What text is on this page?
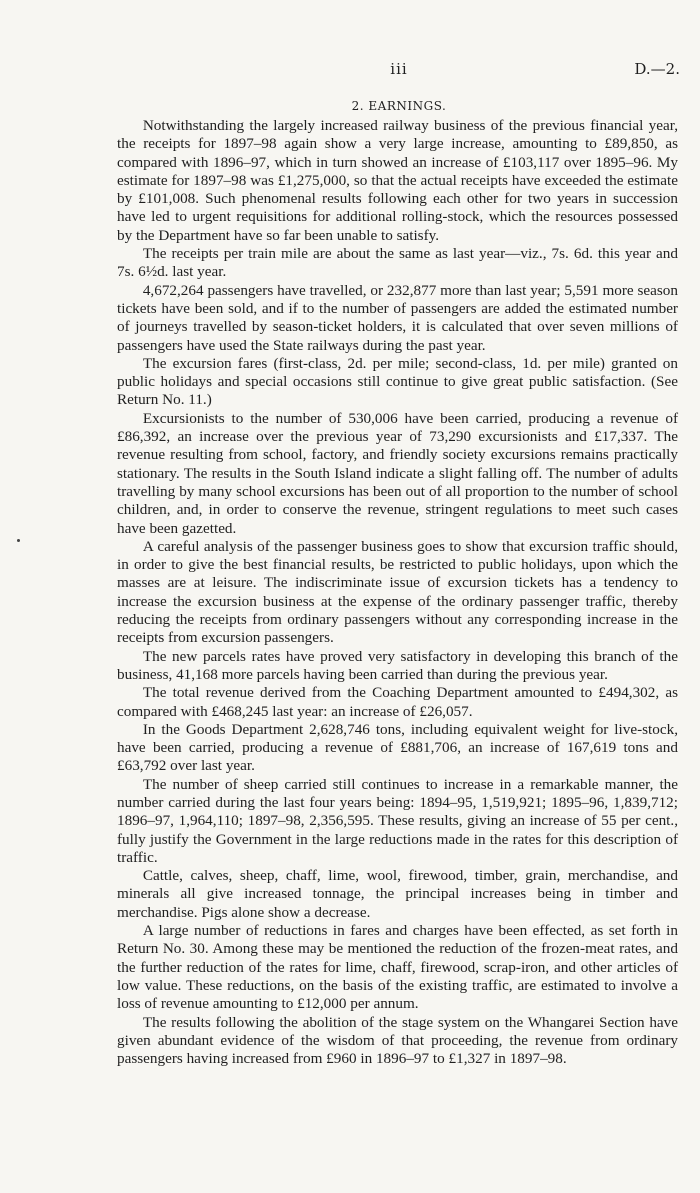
iii	D.—2.
2. EARNINGS.

Notwithstanding the largely increased railway business of the previous financial year, the receipts for 1897–98 again show a very large increase, amounting to £89,850, as compared with 1896–97, which in turn showed an increase of £103,117 over 1895–96. My estimate for 1897–98 was £1,275,000, so that the actual receipts have exceeded the estimate by £101,008. Such phenomenal results following each other for two years in succession have led to urgent requisitions for additional rolling-stock, which the resources possessed by the Department have so far been unable to satisfy.

The receipts per train mile are about the same as last year—viz., 7s. 6d. this year and 7s. 6½d. last year.

4,672,264 passengers have travelled, or 232,877 more than last year; 5,591 more season tickets have been sold, and if to the number of passengers are added the estimated number of journeys travelled by season-ticket holders, it is calculated that over seven millions of passengers have used the State railways during the past year.

The excursion fares (first-class, 2d. per mile; second-class, 1d. per mile) granted on public holidays and special occasions still continue to give great public satisfaction. (See Return No. 11.)

Excursionists to the number of 530,006 have been carried, producing a revenue of £86,392, an increase over the previous year of 73,290 excursionists and £17,337. The revenue resulting from school, factory, and friendly society excursions remains practically stationary. The results in the South Island indicate a slight falling off. The number of adults travelling by many school excursions has been out of all proportion to the number of school children, and, in order to conserve the revenue, stringent regulations to meet such cases have been gazetted.

A careful analysis of the passenger business goes to show that excursion traffic should, in order to give the best financial results, be restricted to public holidays, upon which the masses are at leisure. The indiscriminate issue of excursion tickets has a tendency to increase the excursion business at the expense of the ordinary passenger traffic, thereby reducing the receipts from ordinary passengers without any corresponding increase in the receipts from excursion passengers.

The new parcels rates have proved very satisfactory in developing this branch of the business, 41,168 more parcels having been carried than during the previous year.

The total revenue derived from the Coaching Department amounted to £494,302, as compared with £468,245 last year: an increase of £26,057.

In the Goods Department 2,628,746 tons, including equivalent weight for live-stock, have been carried, producing a revenue of £881,706, an increase of 167,619 tons and £63,792 over last year.

The number of sheep carried still continues to increase in a remarkable manner, the number carried during the last four years being: 1894–95, 1,519,921; 1895–96, 1,839,712; 1896–97, 1,964,110; 1897–98, 2,356,595. These results, giving an increase of 55 per cent., fully justify the Government in the large reductions made in the rates for this description of traffic.

Cattle, calves, sheep, chaff, lime, wool, firewood, timber, grain, merchandise, and minerals all give increased tonnage, the principal increases being in timber and merchandise. Pigs alone show a decrease.

A large number of reductions in fares and charges have been effected, as set forth in Return No. 30. Among these may be mentioned the reduction of the frozen-meat rates, and the further reduction of the rates for lime, chaff, firewood, scrap-iron, and other articles of low value. These reductions, on the basis of the existing traffic, are estimated to involve a loss of revenue amounting to £12,000 per annum.

The results following the abolition of the stage system on the Whangarei Section have given abundant evidence of the wisdom of that proceeding, the revenue from ordinary passengers having increased from £960 in 1896–97 to £1,327 in 1897–98.
